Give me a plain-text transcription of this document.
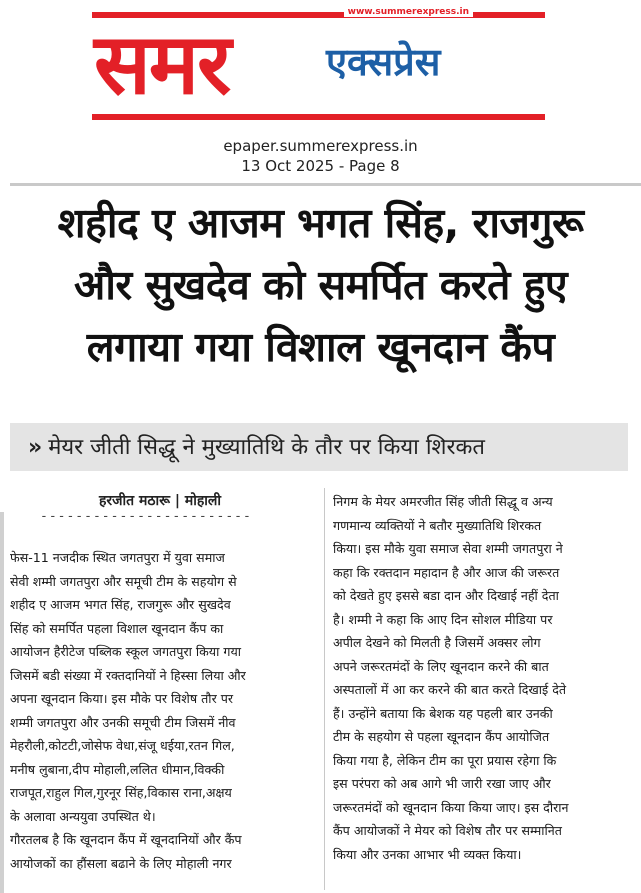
www.summerexpress.in
समर	एक्सप्रेस
epaper.summerexpress.in
13 Oct 2025 - Page 8
शहीद ए आजम भगत सिंह, राजगुरू
और सुखदेव को समर्पित करते हुए
लगाया गया विशाल खूनदान कैंप
» मेयर जीती सिद्धू ने मुख्यातिथि के तौर पर किया शिरकत
हरजीत मठारू | मोहाली
------------------------
फेस-11 नजदीक स्थित जगतपुरा में युवा समाज
सेवी शम्मी जगतपुरा और समूची टीम के सहयोग से
शहीद ए आजम भगत सिंह, राजगुरू और सुखदेव
सिंह को समर्पित पहला विशाल खूनदान कैंप का
आयोजन हैरीटेज पब्लिक स्कूल जगतपुरा किया गया
जिसमें बडी संख्या में रक्तदानियों ने हिस्सा लिया और
अपना खूनदान किया। इस मौके पर विशेष तौर पर
शम्मी जगतपुरा और उनकी समूची टीम जिसमें नीव
मेहरौली,कोटटी,जोसेफ वेधा,संजू धईया,रतन गिल,
मनीष लुबाना,दीप मोहाली,ललित धीमान,विक्की
राजपूत,राहुल गिल,गुरनूर सिंह,विकास राना,अक्षय
के अलावा अन्ययुवा उपस्थित थे।
गौरतलब है कि खूनदान कैंप में खूनदानियों और कैंप
आयोजकों का हौंसला बढाने के लिए मोहाली नगर
निगम के मेयर अमरजीत सिंह जीती सिद्धू व अन्य
गणमान्य व्यक्तियों ने बतौर मुख्यातिथि शिरकत
किया। इस मौके युवा समाज सेवा शम्मी जगतपुरा ने
कहा कि रक्तदान महादान है और आज की जरूरत
को देखते हुए इससे बडा दान और दिखाई नहीं देता
है। शम्मी ने कहा कि आए दिन सोशल मीडिया पर
अपील देखने को मिलती है जिसमें अक्सर लोग
अपने जरूरतमंदों के लिए खूनदान करने की बात
अस्पतालों में आ कर करने की बात करते दिखाई देते
हैं। उन्होंने बताया कि बेशक यह पहली बार उनकी
टीम के सहयोग से पहला खूनदान कैंप आयोजित
किया गया है, लेकिन टीम का पूरा प्रयास रहेगा कि
इस परंपरा को अब आगे भी जारी रखा जाए और
जरूरतमंदों को खूनदान किया किया जाए। इस दौरान
कैंप आयोजकों ने मेयर को विशेष तौर पर सम्मानित
किया और उनका आभार भी व्यक्त किया।
